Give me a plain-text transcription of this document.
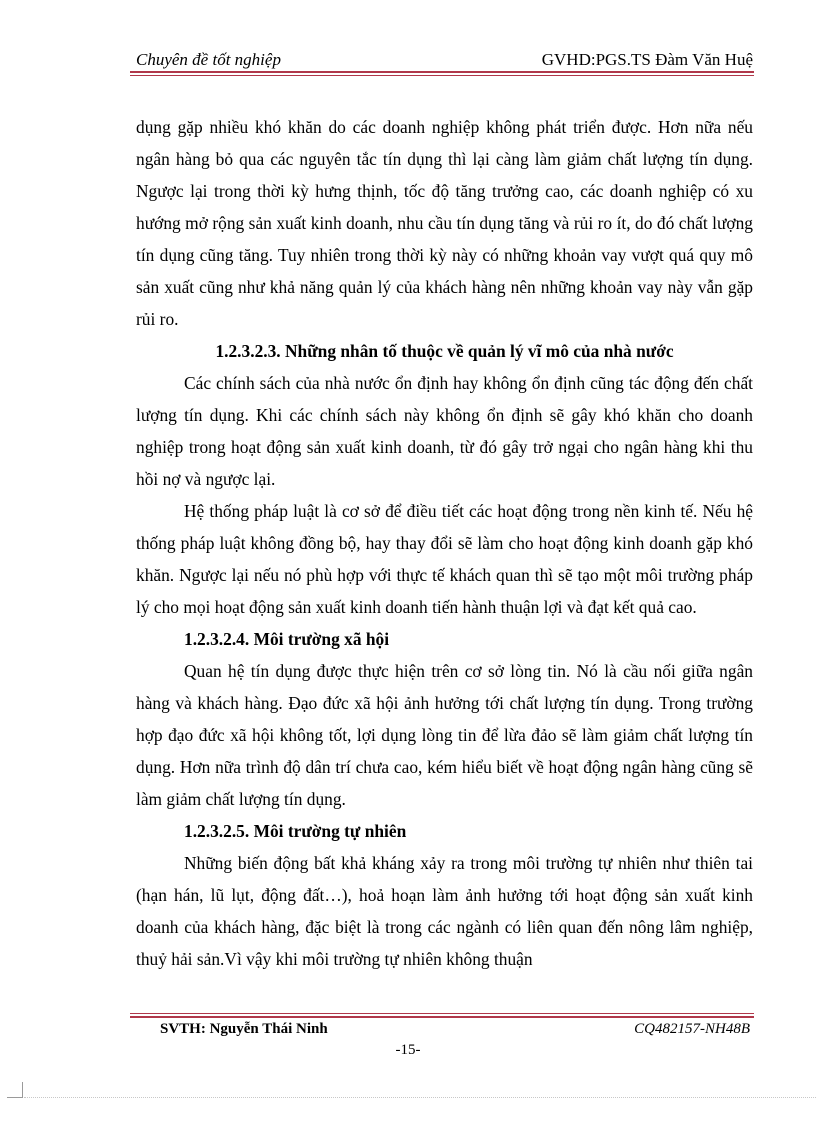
Chuyên đề tốt nghiệp	GVHD:PGS.TS Đàm Văn Huệ

dụng gặp nhiều khó khăn do các doanh nghiệp không phát triển được. Hơn nữa nếu ngân hàng bỏ qua các nguyên tắc tín dụng thì lại càng làm giảm chất lượng tín dụng. Ngược lại trong thời kỳ hưng thịnh, tốc độ tăng trưởng cao, các doanh nghiệp có xu hướng mở rộng sản xuất kinh doanh, nhu cầu tín dụng tăng và rủi ro ít, do đó chất lượng tín dụng cũng tăng. Tuy nhiên trong thời kỳ này có những khoản vay vượt quá quy mô sản xuất cũng như khả năng quản lý của khách hàng nên những khoản vay này vẫn gặp rủi ro.

1.2.3.2.3. Những nhân tố thuộc về quản lý vĩ mô của nhà nước

Các chính sách của nhà nước ổn định hay không ổn định cũng tác động đến chất lượng tín dụng. Khi các chính sách này không ổn định sẽ gây khó khăn cho doanh nghiệp trong hoạt động sản xuất kinh doanh, từ đó gây trở ngại cho ngân hàng khi thu hồi nợ và ngược lại.

Hệ thống pháp luật là cơ sở để điều tiết các hoạt động trong nền kinh tế. Nếu hệ thống pháp luật không đồng bộ, hay thay đổi sẽ làm cho hoạt động kinh doanh gặp khó khăn. Ngược lại nếu nó phù hợp với thực tế khách quan thì sẽ tạo một môi trường pháp lý cho mọi hoạt động sản xuất kinh doanh tiến hành thuận lợi và đạt kết quả cao.

1.2.3.2.4. Môi trường xã hội

Quan hệ tín dụng được thực hiện trên cơ sở lòng tin. Nó là cầu nối giữa ngân hàng và khách hàng. Đạo đức xã hội ảnh hưởng tới chất lượng tín dụng. Trong trường hợp đạo đức xã hội không tốt, lợi dụng lòng tin để lừa đảo sẽ làm giảm chất lượng tín dụng. Hơn nữa trình độ dân trí chưa cao, kém hiểu biết về hoạt động ngân hàng cũng sẽ làm giảm chất lượng tín dụng.

1.2.3.2.5. Môi trường tự nhiên

Những biến động bất khả kháng xảy ra trong môi trường tự nhiên như thiên tai (hạn hán, lũ lụt, động đất…), hoả hoạn làm ảnh hưởng tới hoạt động sản xuất kinh doanh của khách hàng, đặc biệt là trong các ngành có liên quan đến nông lâm nghiệp, thuỷ hải sản.Vì vậy khi môi trường tự nhiên không thuận

SVTH: Nguyễn Thái Ninh	CQ482157-NH48B
-15-
